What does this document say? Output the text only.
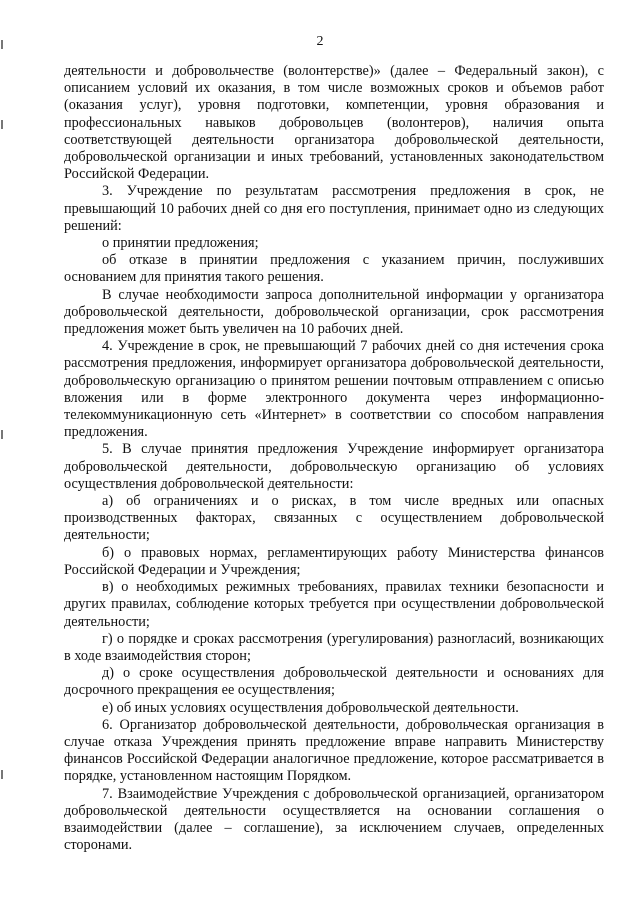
2

деятельности и добровольчестве (волонтерстве)» (далее – Федеральный закон), с описанием условий их оказания, в том числе возможных сроков и объемов работ (оказания услуг), уровня подготовки, компетенции, уровня образования и профессиональных навыков добровольцев (волонтеров), наличия опыта соответствующей деятельности организатора добровольческой деятельности, добровольческой организации и иных требований, установленных законодательством Российской Федерации.

3. Учреждение по результатам рассмотрения предложения в срок, не превышающий 10 рабочих дней со дня его поступления, принимает одно из следующих решений:

о принятии предложения;

об отказе в принятии предложения с указанием причин, послуживших основанием для принятия такого решения.

В случае необходимости запроса дополнительной информации у организатора добровольческой деятельности, добровольческой организации, срок рассмотрения предложения может быть увеличен на 10 рабочих дней.

4. Учреждение в срок, не превышающий 7 рабочих дней со дня истечения срока рассмотрения предложения, информирует организатора добровольческой деятельности, добровольческую организацию о принятом решении почтовым отправлением с описью вложения или в форме электронного документа через информационно-телекоммуникационную сеть «Интернет» в соответствии со способом направления предложения.

5. В случае принятия предложения Учреждение информирует организатора добровольческой деятельности, добровольческую организацию об условиях осуществления добровольческой деятельности:

а) об ограничениях и о рисках, в том числе вредных или опасных производственных факторах, связанных с осуществлением добровольческой деятельности;

б) о правовых нормах, регламентирующих работу Министерства финансов Российской Федерации и Учреждения;

в) о необходимых режимных требованиях, правилах техники безопасности и других правилах, соблюдение которых требуется при осуществлении добровольческой деятельности;

г) о порядке и сроках рассмотрения (урегулирования) разногласий, возникающих в ходе взаимодействия сторон;

д) о сроке осуществления добровольческой деятельности и основаниях для досрочного прекращения ее осуществления;

е) об иных условиях осуществления добровольческой деятельности.

6. Организатор добровольческой деятельности, добровольческая организация в случае отказа Учреждения принять предложение вправе направить Министерству финансов Российской Федерации аналогичное предложение, которое рассматривается в порядке, установленном настоящим Порядком.

7. Взаимодействие Учреждения с добровольческой организацией, организатором добровольческой деятельности осуществляется на основании соглашения о взаимодействии (далее – соглашение), за исключением случаев, определенных сторонами.
